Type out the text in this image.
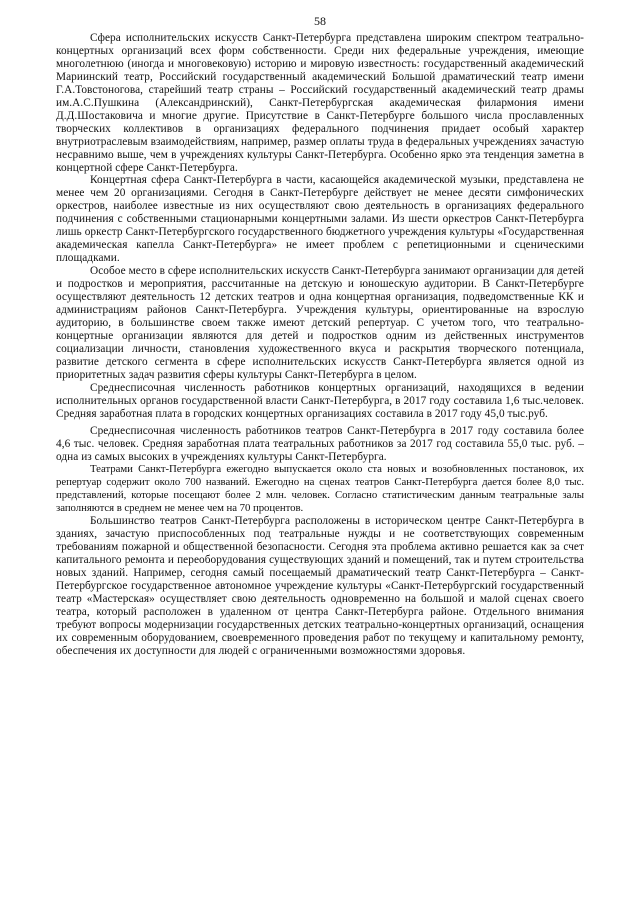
58

Сфера исполнительских искусств Санкт-Петербурга представлена широким спектром театрально-концертных организаций всех форм собственности. Среди них федеральные учреждения, имеющие многолетнюю (иногда и многовековую) историю и мировую известность: государственный академический Мариинский театр, Российский государственный академический Большой драматический театр имени Г.А.Товстоногова, старейший театр страны – Российский государственный академический театр драмы им.А.С.Пушкина (Александринский), Санкт-Петербургская академическая филармония имени Д.Д.Шостаковича и многие другие. Присутствие в Санкт-Петербурге большого числа прославленных творческих коллективов в организациях федерального подчинения придает особый характер внутриотраслевым взаимодействиям, например, размер оплаты труда в федеральных учреждениях зачастую несравнимо выше, чем в учреждениях культуры Санкт-Петербурга. Особенно ярко эта тенденция заметна в концертной сфере Санкт-Петербурга.

Концертная сфера Санкт-Петербурга в части, касающейся академической музыки, представлена не менее чем 20 организациями. Сегодня в Санкт-Петербурге действует не менее десяти симфонических оркестров, наиболее известные из них осуществляют свою деятельность в организациях федерального подчинения с собственными стационарными концертными залами. Из шести оркестров Санкт-Петербурга лишь оркестр Санкт-Петербургского государственного бюджетного учреждения культуры «Государственная академическая капелла Санкт-Петербурга» не имеет проблем с репетиционными и сценическими площадками.

Особое место в сфере исполнительских искусств Санкт-Петербурга занимают организации для детей и подростков и мероприятия, рассчитанные на детскую и юношескую аудитории. В Санкт-Петербурге осуществляют деятельность 12 детских театров и одна концертная организация, подведомственные КК и администрациям районов Санкт-Петербурга. Учреждения культуры, ориентированные на взрослую аудиторию, в большинстве своем также имеют детский репертуар. С учетом того, что театрально-концертные организации являются для детей и подростков одним из действенных инструментов социализации личности, становления художественного вкуса и раскрытия творческого потенциала, развитие детского сегмента в сфере исполнительских искусств Санкт-Петербурга является одной из приоритетных задач развития сферы культуры Санкт-Петербурга в целом.

Среднесписочная численность работников концертных организаций, находящихся в ведении исполнительных органов государственной власти Санкт-Петербурга, в 2017 году составила 1,6 тыс.человек. Средняя заработная плата в городских концертных организациях составила в 2017 году 45,0 тыс.руб.

Среднесписочная численность работников театров Санкт-Петербурга в 2017 году составила более 4,6 тыс. человек. Средняя заработная плата театральных работников за 2017 год составила 55,0 тыс. руб. – одна из самых высоких в учреждениях культуры Санкт-Петербурга.

Театрами Санкт-Петербурга ежегодно выпускается около ста новых и возобновленных постановок, их репертуар содержит около 700 названий. Ежегодно на сценах театров Санкт-Петербурга дается более 8,0 тыс. представлений, которые посещают более 2 млн. человек. Согласно статистическим данным театральные залы заполняются в среднем не менее чем на 70 процентов.

Большинство театров Санкт-Петербурга расположены в историческом центре Санкт-Петербурга в зданиях, зачастую приспособленных под театральные нужды и не соответствующих современным требованиям пожарной и общественной безопасности. Сегодня эта проблема активно решается как за счет капитального ремонта и переоборудования существующих зданий и помещений, так и путем строительства новых зданий. Например, сегодня самый посещаемый драматический театр Санкт-Петербурга – Санкт-Петербургское государственное автономное учреждение культуры «Санкт-Петербургский государственный театр «Мастерская» осуществляет свою деятельность одновременно на большой и малой сценах своего театра, который расположен в удаленном от центра Санкт-Петербурга районе. Отдельного внимания требуют вопросы модернизации государственных детских театрально-концертных организаций, оснащения их современным оборудованием, своевременного проведения работ по текущему и капитальному ремонту, обеспечения их доступности для людей с ограниченными возможностями здоровья.
